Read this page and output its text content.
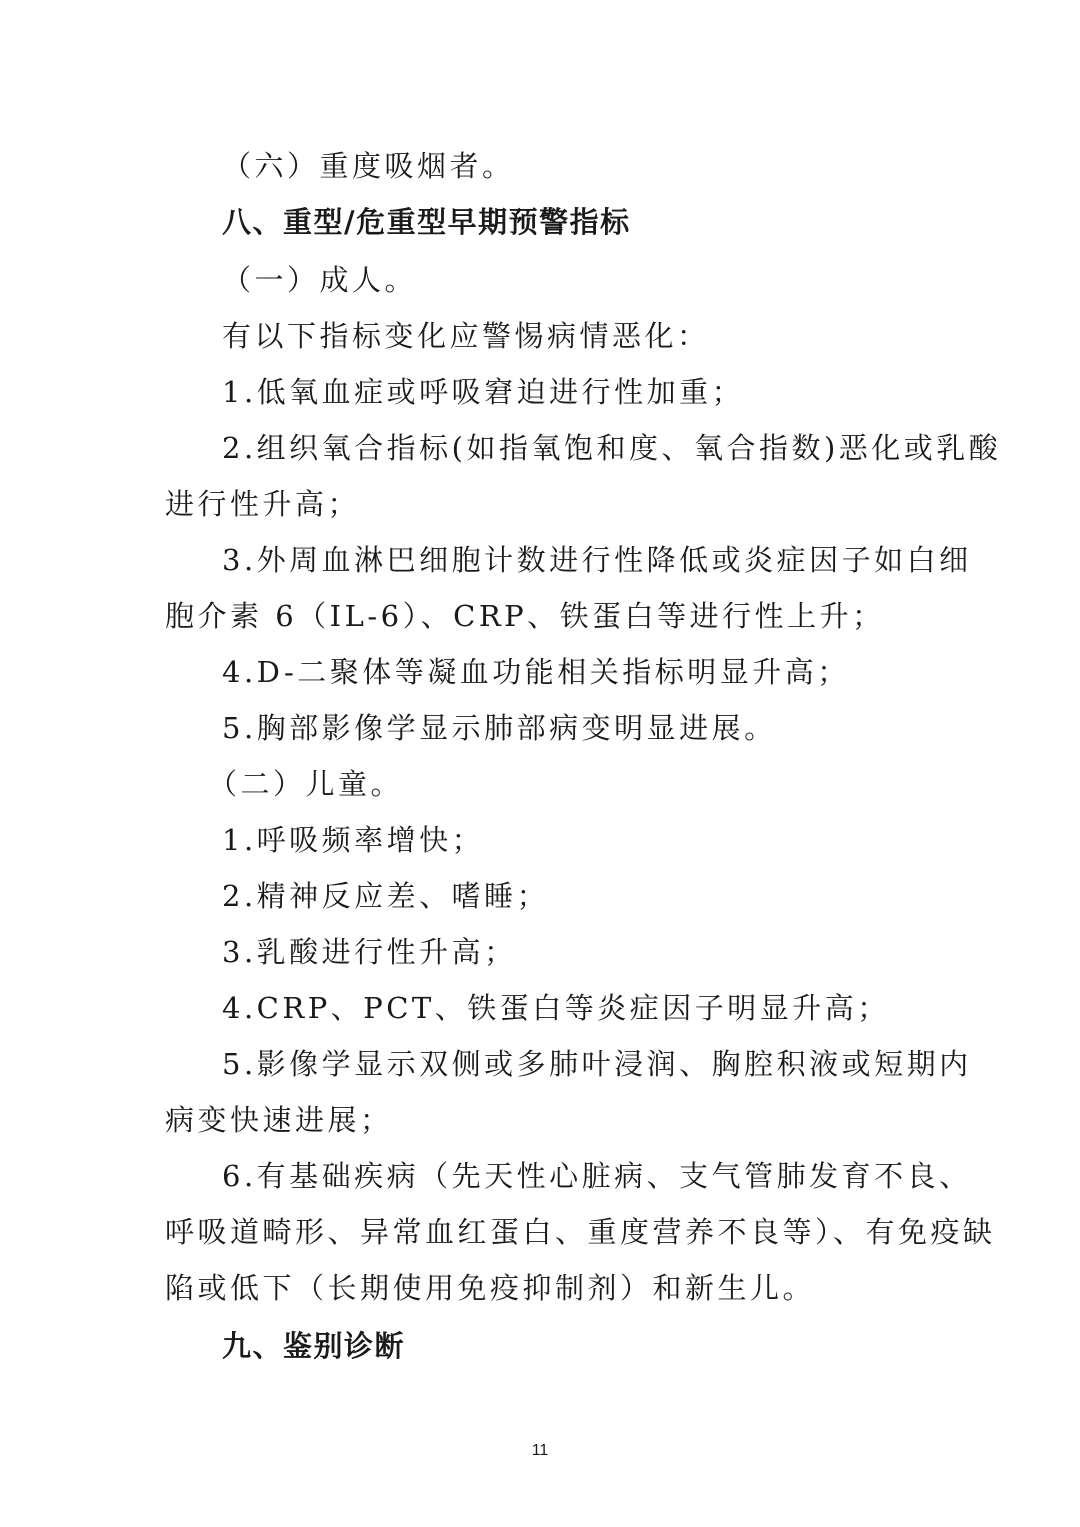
（六）重度吸烟者。

八、重型/危重型早期预警指标

（一）成人。

有以下指标变化应警惕病情恶化：

1.低氧血症或呼吸窘迫进行性加重；

2.组织氧合指标(如指氧饱和度、氧合指数)恶化或乳酸

进行性升高；

3.外周血淋巴细胞计数进行性降低或炎症因子如白细

胞介素 6（IL-6）、CRP、铁蛋白等进行性上升；

4.D-二聚体等凝血功能相关指标明显升高；

5.胸部影像学显示肺部病变明显进展。

（二）儿童。

1.呼吸频率增快；

2.精神反应差、嗜睡；

3.乳酸进行性升高；

4.CRP、PCT、铁蛋白等炎症因子明显升高；

5.影像学显示双侧或多肺叶浸润、胸腔积液或短期内

病变快速进展；

6.有基础疾病（先天性心脏病、支气管肺发育不良、

呼吸道畸形、异常血红蛋白、重度营养不良等）、有免疫缺

陷或低下（长期使用免疫抑制剂）和新生儿。

九、鉴别诊断

11
